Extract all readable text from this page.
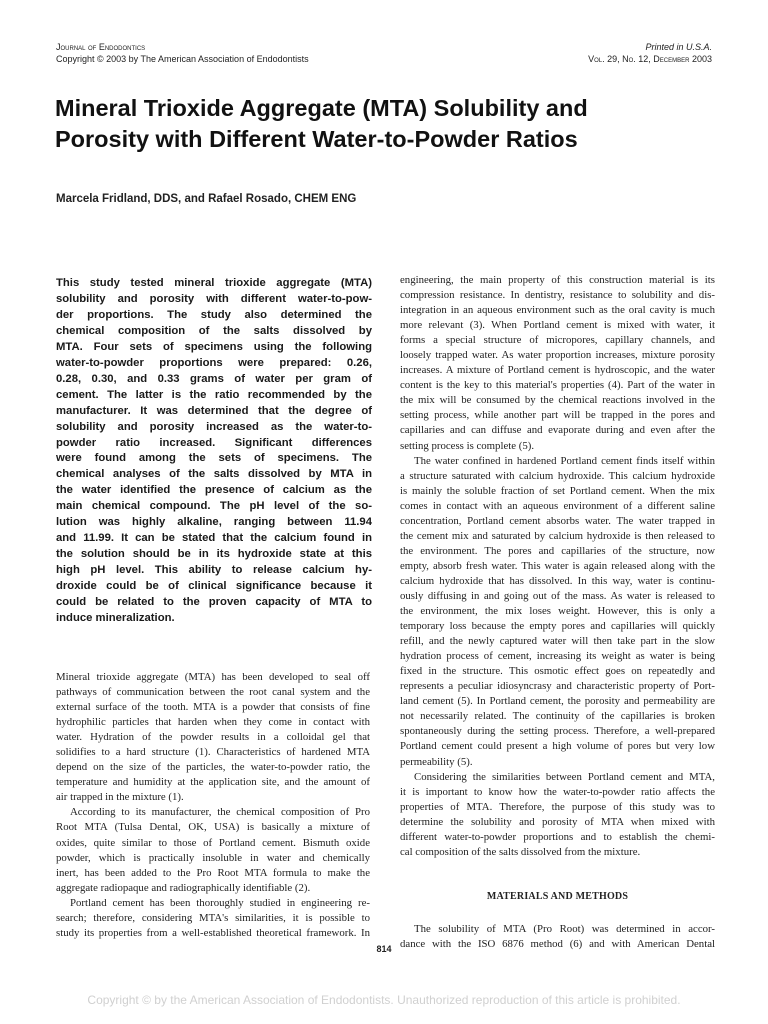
Journal of Endodontics
Copyright © 2003 by The American Association of Endodontists
Printed in U.S.A.
Vol. 29, No. 12, December 2003
Mineral Trioxide Aggregate (MTA) Solubility and
Porosity with Different Water-to-Powder Ratios
Marcela Fridland, DDS, and Rafael Rosado, CHEM ENG
This study tested mineral trioxide aggregate (MTA)
solubility and porosity with different water-to-pow-
der proportions. The study also determined the
chemical composition of the salts dissolved by
MTA. Four sets of specimens using the following
water-to-powder proportions were prepared: 0.26,
0.28, 0.30, and 0.33 grams of water per gram of
cement. The latter is the ratio recommended by the
manufacturer. It was determined that the degree of
solubility and porosity increased as the water-to-
powder ratio increased. Significant differences
were found among the sets of specimens. The
chemical analyses of the salts dissolved by MTA in
the water identified the presence of calcium as the
main chemical compound. The pH level of the so-
lution was highly alkaline, ranging between 11.94
and 11.99. It can be stated that the calcium found in
the solution should be in its hydroxide state at this
high pH level. This ability to release calcium hy-
droxide could be of clinical significance because it
could be related to the proven capacity of MTA to
induce mineralization.
Mineral trioxide aggregate (MTA) has been developed to seal off
pathways of communication between the root canal system and the
external surface of the tooth. MTA is a powder that consists of fine
hydrophilic particles that harden when they come in contact with
water. Hydration of the powder results in a colloidal gel that
solidifies to a hard structure (1). Characteristics of hardened MTA
depend on the size of the particles, the water-to-powder ratio, the
temperature and humidity at the application site, and the amount of
air trapped in the mixture (1).
According to its manufacturer, the chemical composition of Pro
Root MTA (Tulsa Dental, OK, USA) is basically a mixture of
oxides, quite similar to those of Portland cement. Bismuth oxide
powder, which is practically insoluble in water and chemically
inert, has been added to the Pro Root MTA formula to make the
aggregate radiopaque and radiographically identifiable (2).
Portland cement has been thoroughly studied in engineering re-
search; therefore, considering MTA's similarities, it is possible to
study its properties from a well-established theoretical framework. In
engineering, the main property of this construction material is its
compression resistance. In dentistry, resistance to solubility and dis-
integration in an aqueous environment such as the oral cavity is much
more relevant (3). When Portland cement is mixed with water, it
forms a special structure of micropores, capillary channels, and
loosely trapped water. As water proportion increases, mixture porosity
increases. A mixture of Portland cement is hydroscopic, and the water
content is the key to this material's properties (4). Part of the water in
the mix will be consumed by the chemical reactions involved in the
setting process, while another part will be trapped in the pores and
capillaries and can diffuse and evaporate during and even after the
setting process is complete (5).
The water confined in hardened Portland cement finds itself within
a structure saturated with calcium hydroxide. This calcium hydroxide
is mainly the soluble fraction of set Portland cement. When the mix
comes in contact with an aqueous environment of a different saline
concentration, Portland cement absorbs water. The water trapped in
the cement mix and saturated by calcium hydroxide is then released to
the environment. The pores and capillaries of the structure, now
empty, absorb fresh water. This water is again released along with the
calcium hydroxide that has dissolved. In this way, water is continu-
ously diffusing in and going out of the mass. As water is released to
the environment, the mix loses weight. However, this is only a
temporary loss because the empty pores and capillaries will quickly
refill, and the newly captured water will then take part in the slow
hydration process of cement, increasing its weight as water is being
fixed in the structure. This osmotic effect goes on repeatedly and
represents a peculiar idiosyncrasy and characteristic property of Port-
land cement (5). In Portland cement, the porosity and permeability are
not necessarily related. The continuity of the capillaries is broken
spontaneously during the setting process. Therefore, a well-prepared
Portland cement could present a high volume of pores but very low
permeability (5).
Considering the similarities between Portland cement and MTA,
it is important to know how the water-to-powder ratio affects the
properties of MTA. Therefore, the purpose of this study was to
determine the solubility and porosity of MTA when mixed with
different water-to-powder proportions and to establish the chemi-
cal composition of the salts dissolved from the mixture.
MATERIALS AND METHODS
The solubility of MTA (Pro Root) was determined in accor-
dance with the ISO 6876 method (6) and with American Dental
814
Copyright © by the American Association of Endodontists. Unauthorized reproduction of this article is prohibited.
